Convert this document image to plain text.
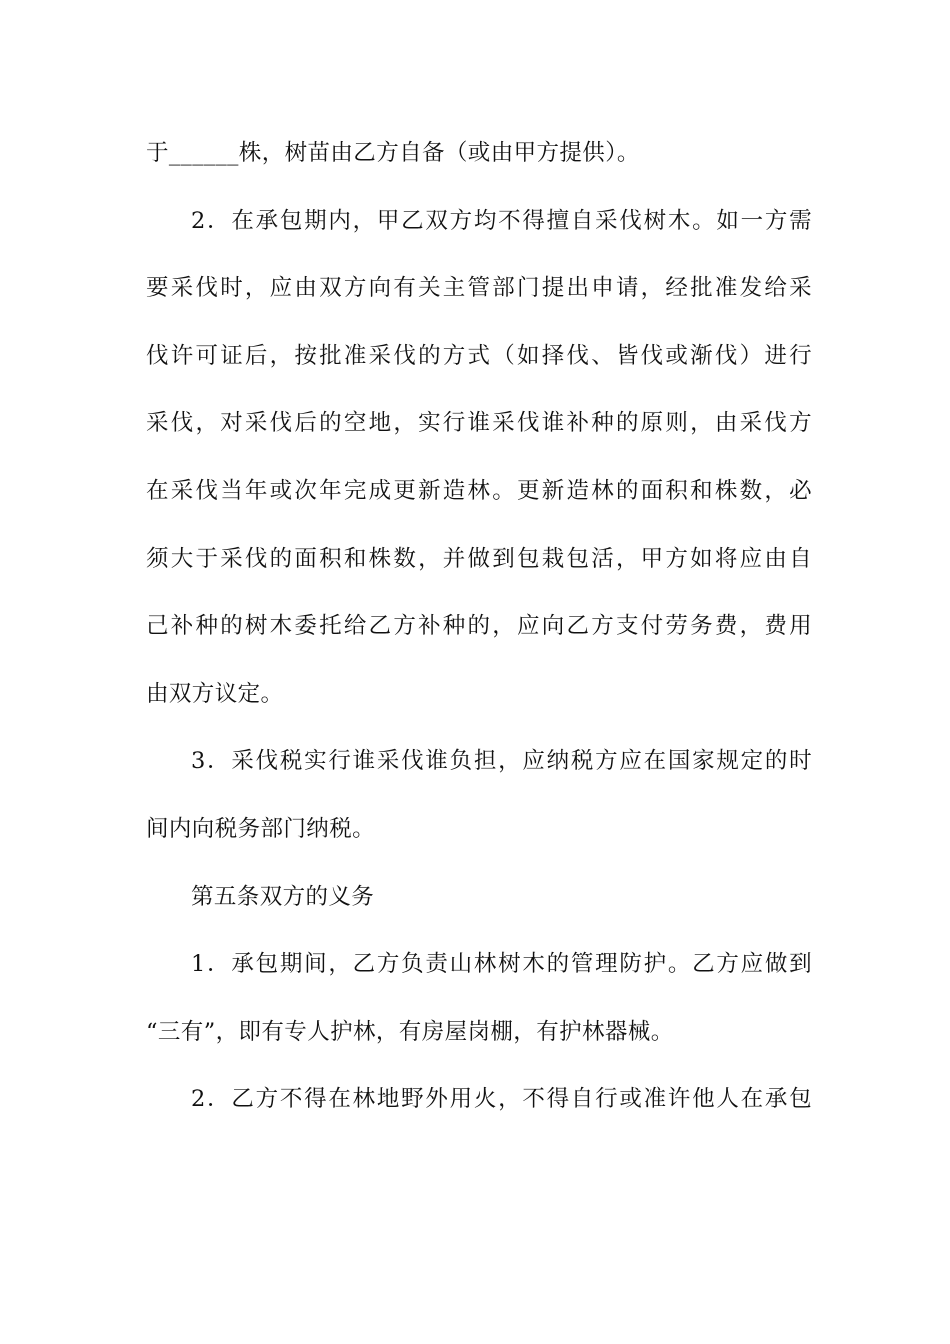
于______株，树苗由乙方自备（或由甲方提供）。
2．在承包期内，甲乙双方均不得擅自采伐树木。如一方需
要采伐时，应由双方向有关主管部门提出申请，经批准发给采
伐许可证后，按批准采伐的方式（如择伐、皆伐或渐伐）进行
采伐，对采伐后的空地，实行谁采伐谁补种的原则，由采伐方
在采伐当年或次年完成更新造林。更新造林的面积和株数，必
须大于采伐的面积和株数，并做到包栽包活，甲方如将应由自
己补种的树木委托给乙方补种的，应向乙方支付劳务费，费用
由双方议定。
3．采伐税实行谁采伐谁负担，应纳税方应在国家规定的时
间内向税务部门纳税。
第五条双方的义务
1．承包期间，乙方负责山林树木的管理防护。乙方应做到
“三有”，即有专人护林，有房屋岗棚，有护林器械。
2．乙方不得在林地野外用火，不得自行或准许他人在承包
